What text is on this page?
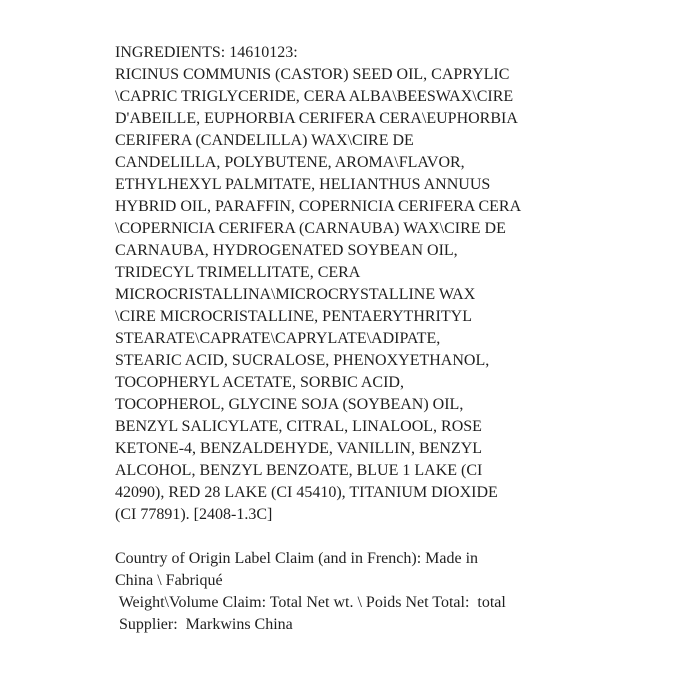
INGREDIENTS: 14610123:
RICINUS COMMUNIS (CASTOR) SEED OIL, CAPRYLIC
\CAPRIC TRIGLYCERIDE, CERA ALBA\BEESWAX\CIRE
D'ABEILLE, EUPHORBIA CERIFERA CERA\EUPHORBIA
CERIFERA (CANDELILLA) WAX\CIRE DE
CANDELILLA, POLYBUTENE, AROMA\FLAVOR,
ETHYLHEXYL PALMITATE, HELIANTHUS ANNUUS
HYBRID OIL, PARAFFIN, COPERNICIA CERIFERA CERA
\COPERNICIA CERIFERA (CARNAUBA) WAX\CIRE DE
CARNAUBA, HYDROGENATED SOYBEAN OIL,
TRIDECYL TRIMELLITATE, CERA
MICROCRISTALLINA\MICROCRYSTALLINE WAX
\CIRE MICROCRISTALLINE, PENTAERYTHRITYL
STEARATE\CAPRATE\CAPRYLATE\ADIPATE,
STEARIC ACID, SUCRALOSE, PHENOXYETHANOL,
TOCOPHERYL ACETATE, SORBIC ACID,
TOCOPHEROL, GLYCINE SOJA (SOYBEAN) OIL,
BENZYL SALICYLATE, CITRAL, LINALOOL, ROSE
KETONE-4, BENZALDEHYDE, VANILLIN, BENZYL
ALCOHOL, BENZYL BENZOATE, BLUE 1 LAKE (CI
42090), RED 28 LAKE (CI 45410), TITANIUM DIOXIDE
(CI 77891). [2408-1.3C]
Country of Origin Label Claim (and in French): Made in
China \ Fabriqué
Weight\Volume Claim: Total Net wt. \ Poids Net Total:  total
Supplier:  Markwins China
